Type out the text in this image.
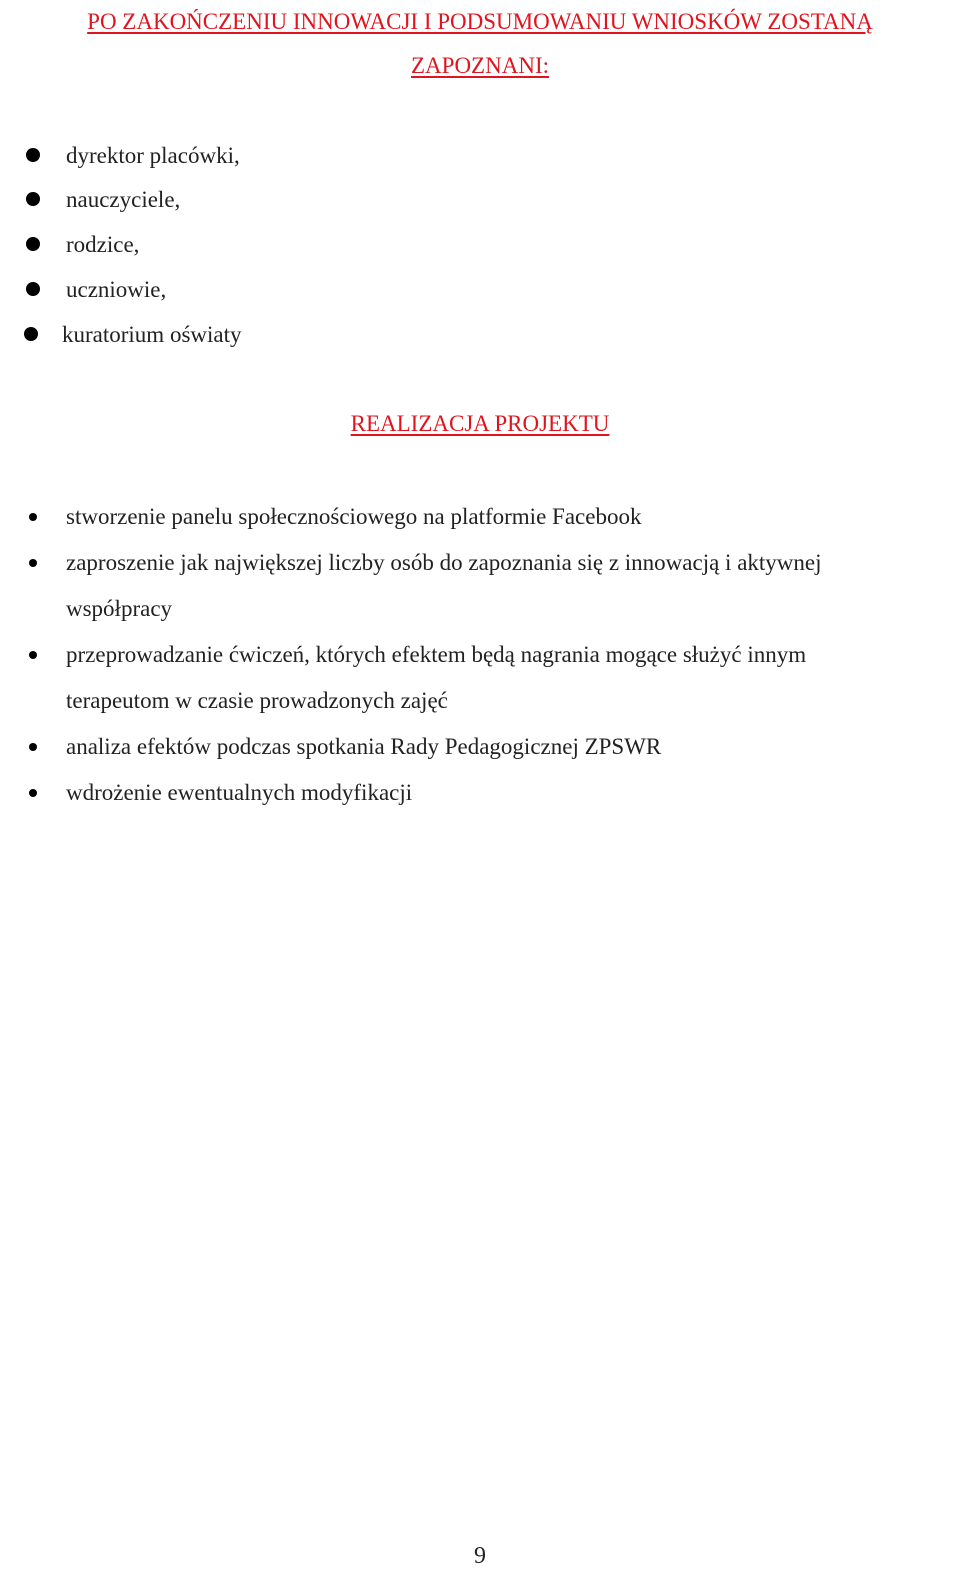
PO ZAKOŃCZENIU INNOWACJI I PODSUMOWANIU WNIOSKÓW ZOSTANĄ
ZAPOZNANI:
dyrektor placówki,
nauczyciele,
rodzice,
uczniowie,
kuratorium oświaty
REALIZACJA PROJEKTU
stworzenie panelu społecznościowego na platformie Facebook
zaproszenie jak największej liczby osób do zapoznania się z innowacją i aktywnej
współpracy
przeprowadzanie ćwiczeń, których efektem będą nagrania mogące służyć innym
terapeutom w czasie prowadzonych zajęć
analiza efektów podczas spotkania Rady Pedagogicznej ZPSWR
wdrożenie ewentualnych modyfikacji
9
